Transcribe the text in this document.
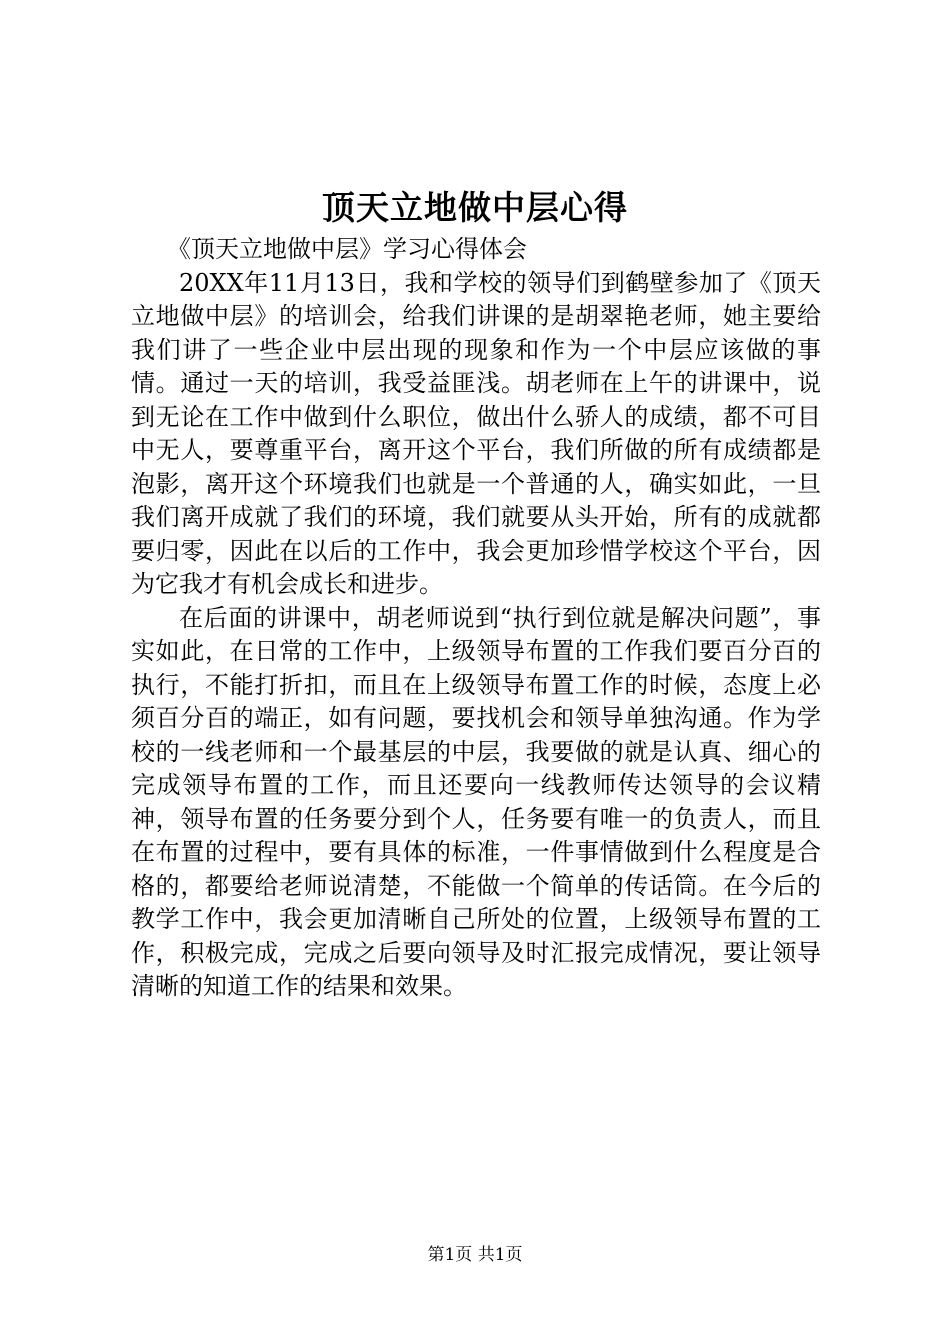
顶天立地做中层心得

《顶天立地做中层》学习心得体会

20XX年11月13日，我和学校的领导们到鹤壁参加了《顶天立地做中层》的培训会，给我们讲课的是胡翠艳老师，她主要给我们讲了一些企业中层出现的现象和作为一个中层应该做的事情。通过一天的培训，我受益匪浅。胡老师在上午的讲课中，说到无论在工作中做到什么职位，做出什么骄人的成绩，都不可目中无人，要尊重平台，离开这个平台，我们所做的所有成绩都是泡影，离开这个环境我们也就是一个普通的人，确实如此，一旦我们离开成就了我们的环境，我们就要从头开始，所有的成就都要归零，因此在以后的工作中，我会更加珍惜学校这个平台，因为它我才有机会成长和进步。

在后面的讲课中，胡老师说到“执行到位就是解决问题”，事实如此，在日常的工作中，上级领导布置的工作我们要百分百的执行，不能打折扣，而且在上级领导布置工作的时候，态度上必须百分百的端正，如有问题，要找机会和领导单独沟通。作为学校的一线老师和一个最基层的中层，我要做的就是认真、细心的完成领导布置的工作，而且还要向一线教师传达领导的会议精神，领导布置的任务要分到个人，任务要有唯一的负责人，而且在布置的过程中，要有具体的标准，一件事情做到什么程度是合格的，都要给老师说清楚，不能做一个简单的传话筒。在今后的教学工作中，我会更加清晰自己所处的位置，上级领导布置的工作，积极完成，完成之后要向领导及时汇报完成情况，要让领导清晰的知道工作的结果和效果。

第1页 共1页
